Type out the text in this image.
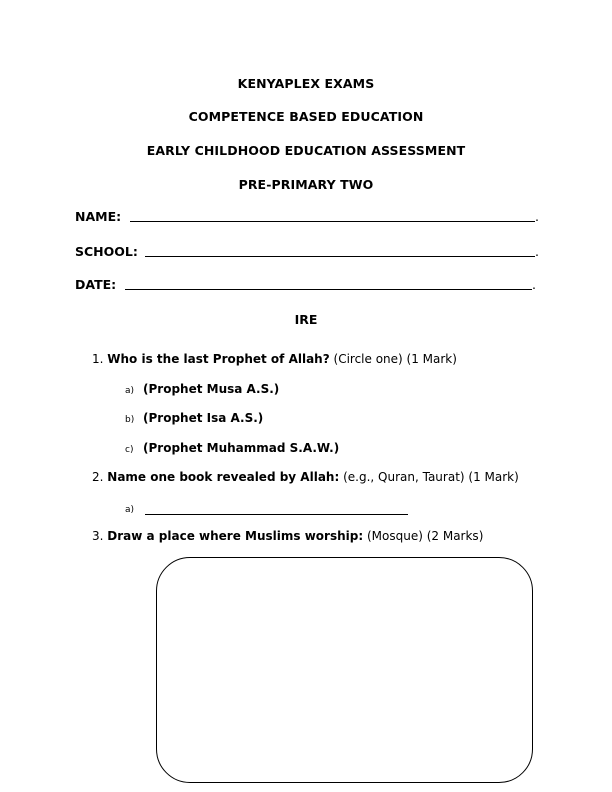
KENYAPLEX EXAMS
COMPETENCE BASED EDUCATION
EARLY CHILDHOOD EDUCATION ASSESSMENT
PRE-PRIMARY TWO
NAME:	.
SCHOOL:	.
DATE:	.
IRE
1. Who is the last Prophet of Allah? (Circle one) (1 Mark)
a) (Prophet Musa A.S.)
b) (Prophet Isa A.S.)
c) (Prophet Muhammad S.A.W.)
2. Name one book revealed by Allah: (e.g., Quran, Taurat) (1 Mark)
a)
3. Draw a place where Muslims worship: (Mosque) (2 Marks)
